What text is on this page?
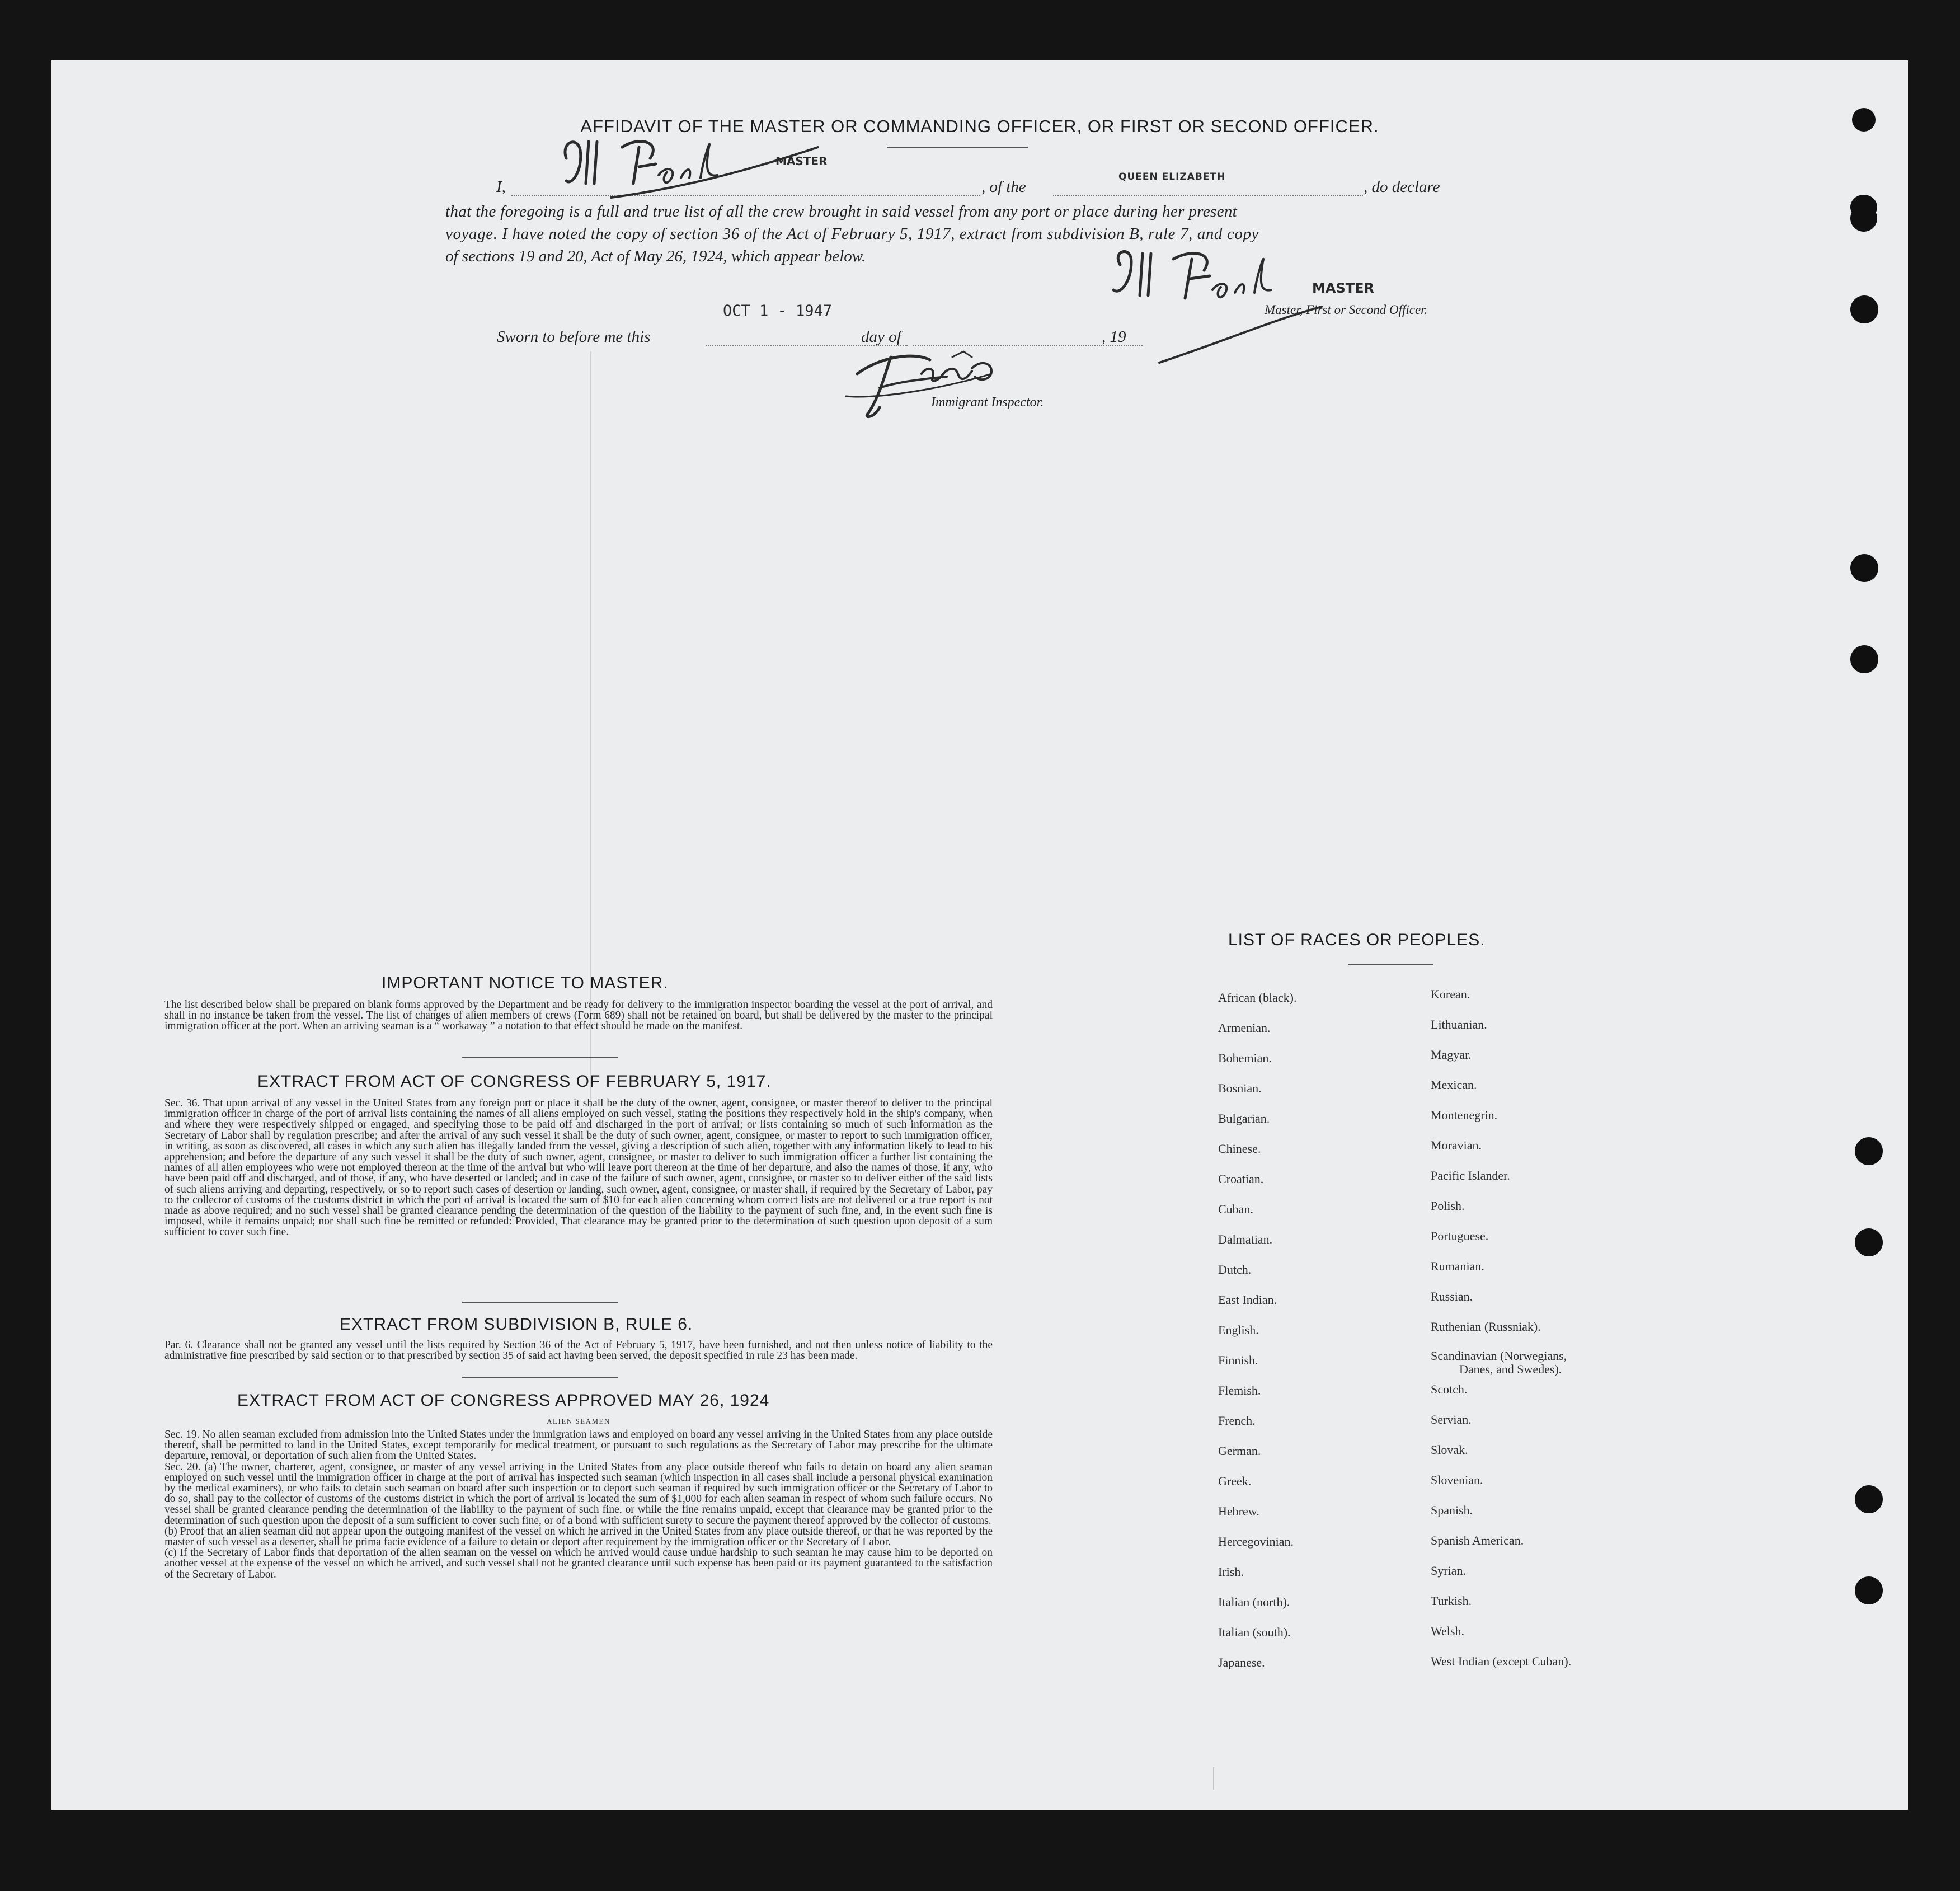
AFFIDAVIT OF THE MASTER OR COMMANDING OFFICER, OR FIRST OR SECOND OFFICER.
I,
MASTER
, of the
QUEEN ELIZABETH
, do declare
that the foregoing is a full and true list of all the crew brought in said vessel from any port or place during her present
voyage. I have noted the copy of section 36 of the Act of February 5, 1917, extract from subdivision B, rule 7, and copy
of sections 19 and 20, Act of May 26, 1924, which appear below.
MASTER
Master, First or Second Officer.
OCT 1 - 1947
Sworn to before me this	day of	, 19
Immigrant Inspector.
IMPORTANT NOTICE TO MASTER.
The list described below shall be prepared on blank forms approved by the Department and be ready for delivery to the immigration inspector boarding the vessel at the port of arrival, and shall in no instance be taken from the vessel. The list of changes of alien members of crews (Form 689) shall not be retained on board, but shall be delivered by the master to the principal immigration officer at the port. When an arriving seaman is a “ workaway ” a notation to that effect should be made on the manifest.
EXTRACT FROM ACT OF CONGRESS OF FEBRUARY 5, 1917.
Sec. 36. That upon arrival of any vessel in the United States from any foreign port or place it shall be the duty of the owner, agent, consignee, or master thereof to deliver to the principal immigration officer in charge of the port of arrival lists containing the names of all aliens employed on such vessel, stating the positions they respectively hold in the ship's company, when and where they were respectively shipped or engaged, and specifying those to be paid off and discharged in the port of arrival; or lists containing so much of such information as the Secretary of Labor shall by regulation prescribe; and after the arrival of any such vessel it shall be the duty of such owner, agent, consignee, or master to report to such immigration officer, in writing, as soon as discovered, all cases in which any such alien has illegally landed from the vessel, giving a description of such alien, together with any information likely to lead to his apprehension; and before the departure of any such vessel it shall be the duty of such owner, agent, consignee, or master to deliver to such immigration officer a further list containing the names of all alien employees who were not employed thereon at the time of the arrival but who will leave port thereon at the time of her departure, and also the names of those, if any, who have been paid off and discharged, and of those, if any, who have deserted or landed; and in case of the failure of such owner, agent, consignee, or master so to deliver either of the said lists of such aliens arriving and departing, respectively, or so to report such cases of desertion or landing, such owner, agent, consignee, or master shall, if required by the Secretary of Labor, pay to the collector of customs of the customs district in which the port of arrival is located the sum of $10 for each alien concerning whom correct lists are not delivered or a true report is not made as above required; and no such vessel shall be granted clearance pending the determination of the question of the liability to the payment of such fine, and, in the event such fine is imposed, while it remains unpaid; nor shall such fine be remitted or refunded: Provided, That clearance may be granted prior to the determination of such question upon deposit of a sum sufficient to cover such fine.
EXTRACT FROM SUBDIVISION B, RULE 6.
Par. 6. Clearance shall not be granted any vessel until the lists required by Section 36 of the Act of February 5, 1917, have been furnished, and not then unless notice of liability to the administrative fine prescribed by said section or to that prescribed by section 35 of said act having been served, the deposit specified in rule 23 has been made.
EXTRACT FROM ACT OF CONGRESS APPROVED MAY 26, 1924
ALIEN SEAMEN

Sec. 19. No alien seaman excluded from admission into the United States under the immigration laws and employed on board any vessel arriving in the United States from any place outside thereof, shall be permitted to land in the United States, except temporarily for medical treatment, or pursuant to such regulations as the Secretary of Labor may prescribe for the ultimate departure, removal, or deportation of such alien from the United States.

Sec. 20. (a) The owner, charterer, agent, consignee, or master of any vessel arriving in the United States from any place outside thereof who fails to detain on board any alien seaman employed on such vessel until the immigration officer in charge at the port of arrival has inspected such seaman (which inspection in all cases shall include a personal physical examination by the medical examiners), or who fails to detain such seaman on board after such inspection or to deport such seaman if required by such immigration officer or the Secretary of Labor to do so, shall pay to the collector of customs of the customs district in which the port of arrival is located the sum of $1,000 for each alien seaman in respect of whom such failure occurs. No vessel shall be granted clearance pending the determination of the liability to the payment of such fine, or while the fine remains unpaid, except that clearance may be granted prior to the determination of such question upon the deposit of a sum sufficient to cover such fine, or of a bond with sufficient surety to secure the payment thereof approved by the collector of customs.

(b) Proof that an alien seaman did not appear upon the outgoing manifest of the vessel on which he arrived in the United States from any place outside thereof, or that he was reported by the master of such vessel as a deserter, shall be prima facie evidence of a failure to detain or deport after requirement by the immigration officer or the Secretary of Labor.

(c) If the Secretary of Labor finds that deportation of the alien seaman on the vessel on which he arrived would cause undue hardship to such seaman he may cause him to be deported on another vessel at the expense of the vessel on which he arrived, and such vessel shall not be granted clearance until such expense has been paid or its payment guaranteed to the satisfaction of the Secretary of Labor.

LIST OF RACES OR PEOPLES.
African (black).
Armenian.
Bohemian.
Bosnian.
Bulgarian.
Chinese.
Croatian.
Cuban.
Dalmatian.
Dutch.
East Indian.
English.
Finnish.
Flemish.
French.
German.
Greek.
Hebrew.
Hercegovinian.
Irish.
Italian (north).
Italian (south).
Japanese.
Korean.
Lithuanian.
Magyar.
Mexican.
Montenegrin.
Moravian.
Pacific Islander.
Polish.
Portuguese.
Rumanian.
Russian.
Ruthenian (Russniak).
Scandinavian (Norwegians,
Danes, and Swedes).
Scotch.
Servian.
Slovak.
Slovenian.
Spanish.
Spanish American.
Syrian.
Turkish.
Welsh.
West Indian (except Cuban).
